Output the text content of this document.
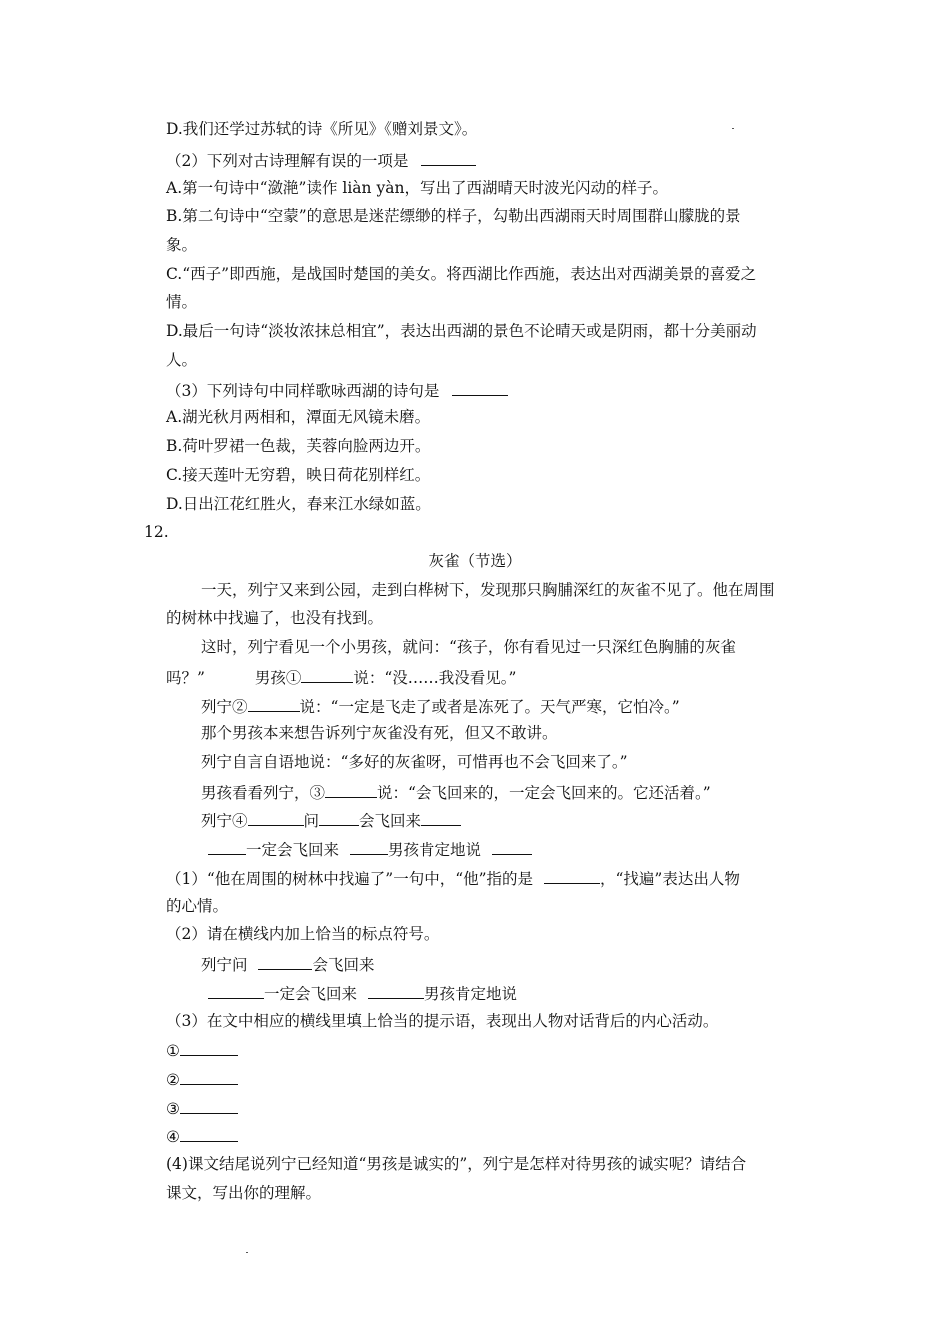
D.我们还学过苏轼的诗《所见》《赠刘景文》。
（2）下列对古诗理解有误的一项是
A.第一句诗中“潋滟”读作 liàn yàn，写出了西湖晴天时波光闪动的样子。
B.第二句诗中“空蒙”的意思是迷茫缥缈的样子，勾勒出西湖雨天时周围群山朦胧的景
象。
C.“西子”即西施，是战国时楚国的美女。将西湖比作西施，表达出对西湖美景的喜爱之
情。
D.最后一句诗“淡妆浓抹总相宜”，表达出西湖的景色不论晴天或是阴雨，都十分美丽动
人。
（3）下列诗句中同样歌咏西湖的诗句是
A.湖光秋月两相和，潭面无风镜未磨。
B.荷叶罗裙一色裁，芙蓉向脸两边开。
C.接天莲叶无穷碧，映日荷花别样红。
D.日出江花红胜火，春来江水绿如蓝。
12.
灰雀（节选）
一天，列宁又来到公园，走到白桦树下，发现那只胸脯深红的灰雀不见了。他在周围
的树林中找遍了，也没有找到。
这时，列宁看见一个小男孩，就问：“孩子，你有看见过一只深红色胸脯的灰雀
吗？”	男孩①	说：“没……我没看见。”
列宁②	说：“一定是飞走了或者是冻死了。天气严寒，它怕冷。”
那个男孩本来想告诉列宁灰雀没有死，但又不敢讲。
列宁自言自语地说：“多好的灰雀呀，可惜再也不会飞回来了。”
男孩看看列宁，③	说：“会飞回来的，一定会飞回来的。它还活着。”
列宁④	问	会飞回来
一定会飞回来	男孩肯定地说
（1）“他在周围的树林中找遍了”一句中，“他”指的是	，“找遍”表达出人物
的心情。
（2）请在横线内加上恰当的标点符号。
列宁问	会飞回来
一定会飞回来	男孩肯定地说
（3）在文中相应的横线里填上恰当的提示语，表现出人物对话背后的内心活动。
①
②
③
④
(4)课文结尾说列宁已经知道“男孩是诚实的”，列宁是怎样对待男孩的诚实呢？请结合
课文，写出你的理解。
